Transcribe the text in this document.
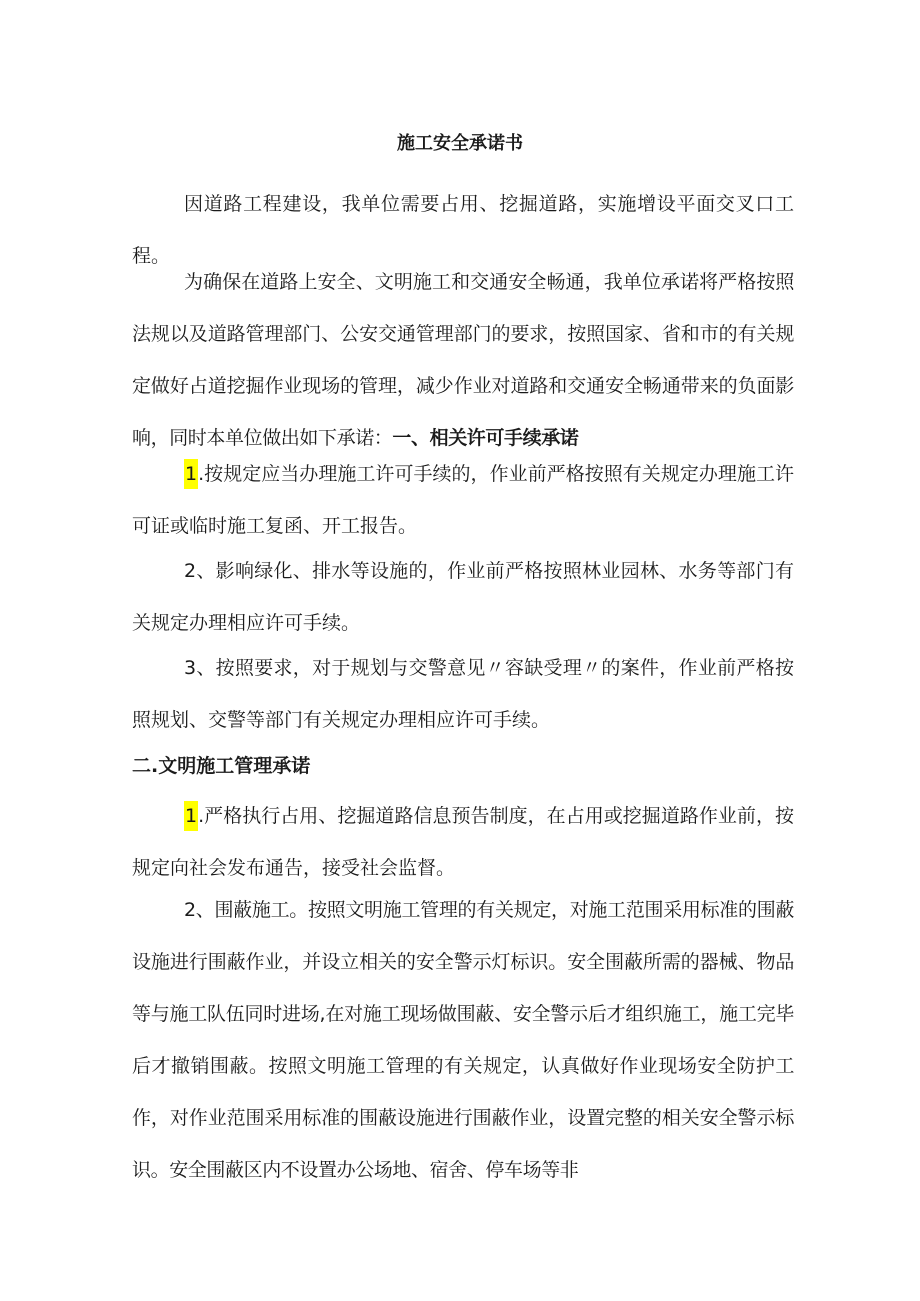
施工安全承诺书

因道路工程建设，我单位需要占用、挖掘道路，实施增设平面交叉口工程。

为确保在道路上安全、文明施工和交通安全畅通，我单位承诺将严格按照法规以及道路管理部门、公安交通管理部门的要求，按照国家、省和市的有关规定做好占道挖掘作业现场的管理，减少作业对道路和交通安全畅通带来的负面影响，同时本单位做出如下承诺：一、相关许可手续承诺

1.按规定应当办理施工许可手续的，作业前严格按照有关规定办理施工许可证或临时施工复函、开工报告。

2、影响绿化、排水等设施的，作业前严格按照林业园林、水务等部门有关规定办理相应许可手续。

3、按照要求，对于规划与交警意见〃容缺受理〃的案件，作业前严格按照规划、交警等部门有关规定办理相应许可手续。

二.文明施工管理承诺

1.严格执行占用、挖掘道路信息预告制度，在占用或挖掘道路作业前，按规定向社会发布通告，接受社会监督。

2、围蔽施工。按照文明施工管理的有关规定，对施工范围采用标准的围蔽设施进行围蔽作业，并设立相关的安全警示灯标识。安全围蔽所需的器械、物品等与施工队伍同时进场,在对施工现场做围蔽、安全警示后才组织施工，施工完毕后才撤销围蔽。按照文明施工管理的有关规定，认真做好作业现场安全防护工作，对作业范围采用标准的围蔽设施进行围蔽作业，设置完整的相关安全警示标识。安全围蔽区内不设置办公场地、宿舍、停车场等非
